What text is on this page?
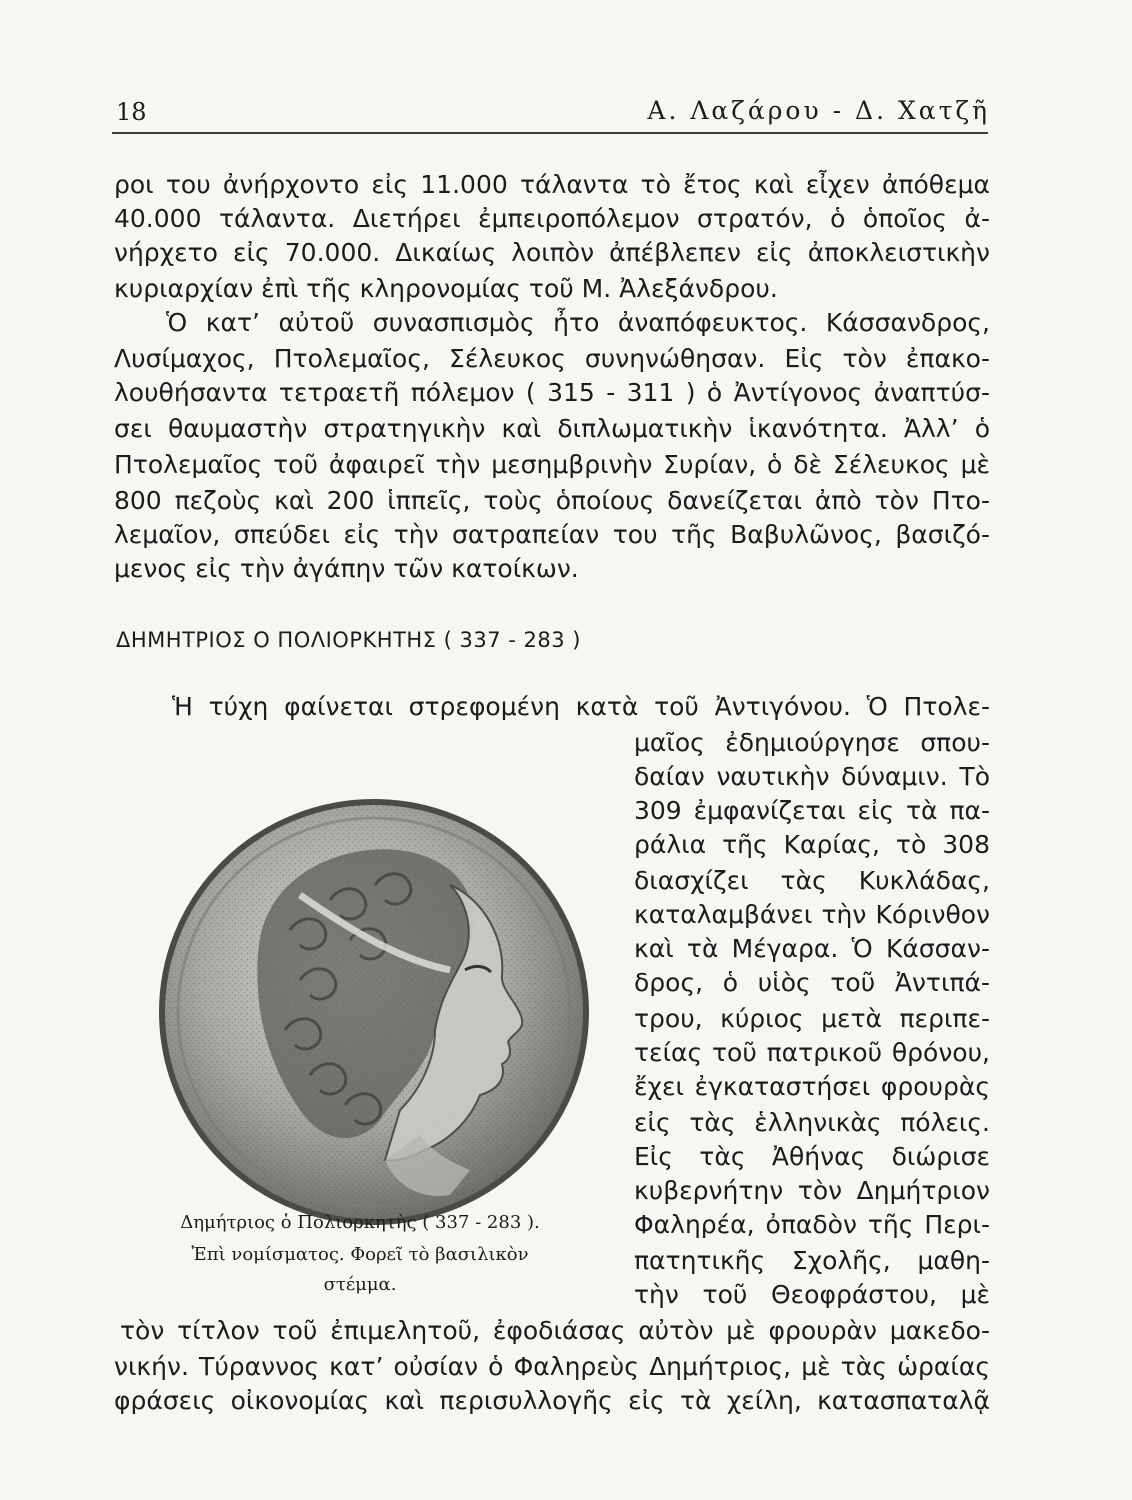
18	Α. Λαζάρου - Δ. Χατζῆ
ροι του ἀνήρχοντο εἰς 11.000 τάλαντα τὸ ἔτος καὶ εἶχεν ἀπόθεμα
40.000 τάλαντα. Διετήρει ἐμπειροπόλεμον στρατόν, ὁ ὁποῖος ἀ-
νήρχετο εἰς 70.000. Δικαίως λοιπὸν ἀπέβλεπεν εἰς ἀποκλειστικὴν
κυριαρχίαν ἐπὶ τῆς κληρονομίας τοῦ Μ. Ἀλεξάνδρου.
Ὁ κατ’ αὐτοῦ συνασπισμὸς ἦτο ἀναπόφευκτος. Κάσσανδρος,
Λυσίμαχος, Πτολεμαῖος, Σέλευκος συνηνώθησαν. Εἰς τὸν ἐπακο-
λουθήσαντα τετραετῆ πόλεμον ( 315 - 311 ) ὁ Ἀντίγονος ἀναπτύσ-
σει θαυμαστὴν στρατηγικὴν καὶ διπλωματικὴν ἱκανότητα. Ἀλλ’ ὁ
Πτολεμαῖος τοῦ ἀφαιρεῖ τὴν μεσημβρινὴν Συρίαν, ὁ δὲ Σέλευκος μὲ
800 πεζοὺς καὶ 200 ἱππεῖς, τοὺς ὁποίους δανείζεται ἀπὸ τὸν Πτο-
λεμαῖον, σπεύδει εἰς τὴν σατραπείαν του τῆς Βαβυλῶνος, βασιζό-
μενος εἰς τὴν ἀγάπην τῶν κατοίκων.
ΔΗΜΗΤΡΙΟΣ Ο ΠΟΛΙΟΡΚΗΤΗΣ ( 337 - 283 )
Ἡ τύχη φαίνεται στρεφομένη κατὰ τοῦ Ἀντιγόνου. Ὁ Πτολε-
μαῖος ἐδημιούργησε σπου-
δαίαν ναυτικὴν δύναμιν. Τὸ
309 ἐμφανίζεται εἰς τὰ πα-
ράλια τῆς Καρίας, τὸ 308
διασχίζει τὰς Κυκλάδας,
καταλαμβάνει τὴν Κόρινθον
καὶ τὰ Μέγαρα. Ὁ Κάσσαν-
δρος, ὁ υἱὸς τοῦ Ἀντιπά-
τρου, κύριος μετὰ περιπε-
τείας τοῦ πατρικοῦ θρόνου,
ἔχει ἐγκαταστήσει φρουρὰς
εἰς τὰς ἑλληνικὰς πόλεις.
Εἰς τὰς Ἀθήνας διώρισε
κυβερνήτην τὸν Δημήτριον
Φαληρέα, ὀπαδὸν τῆς Περι-
πατητικῆς Σχολῆς, μαθη-
τὴν τοῦ Θεοφράστου, μὲ
τὸν τίτλον τοῦ ἐπιμελητοῦ, ἐφοδιάσας αὐτὸν μὲ φρουρὰν μακεδο-
νικήν. Τύραννος κατ’ οὐσίαν ὁ Φαληρεὺς Δημήτριος, μὲ τὰς ὡραίας
φράσεις οἰκονομίας καὶ περισυλλογῆς εἰς τὰ χείλη, κατασπαταλᾷ
Δημήτριος ὁ Πολιορκητὴς ( 337 - 283 ).
Ἐπὶ νομίσματος. Φορεῖ τὸ βασιλικὸν
στέμμα.
